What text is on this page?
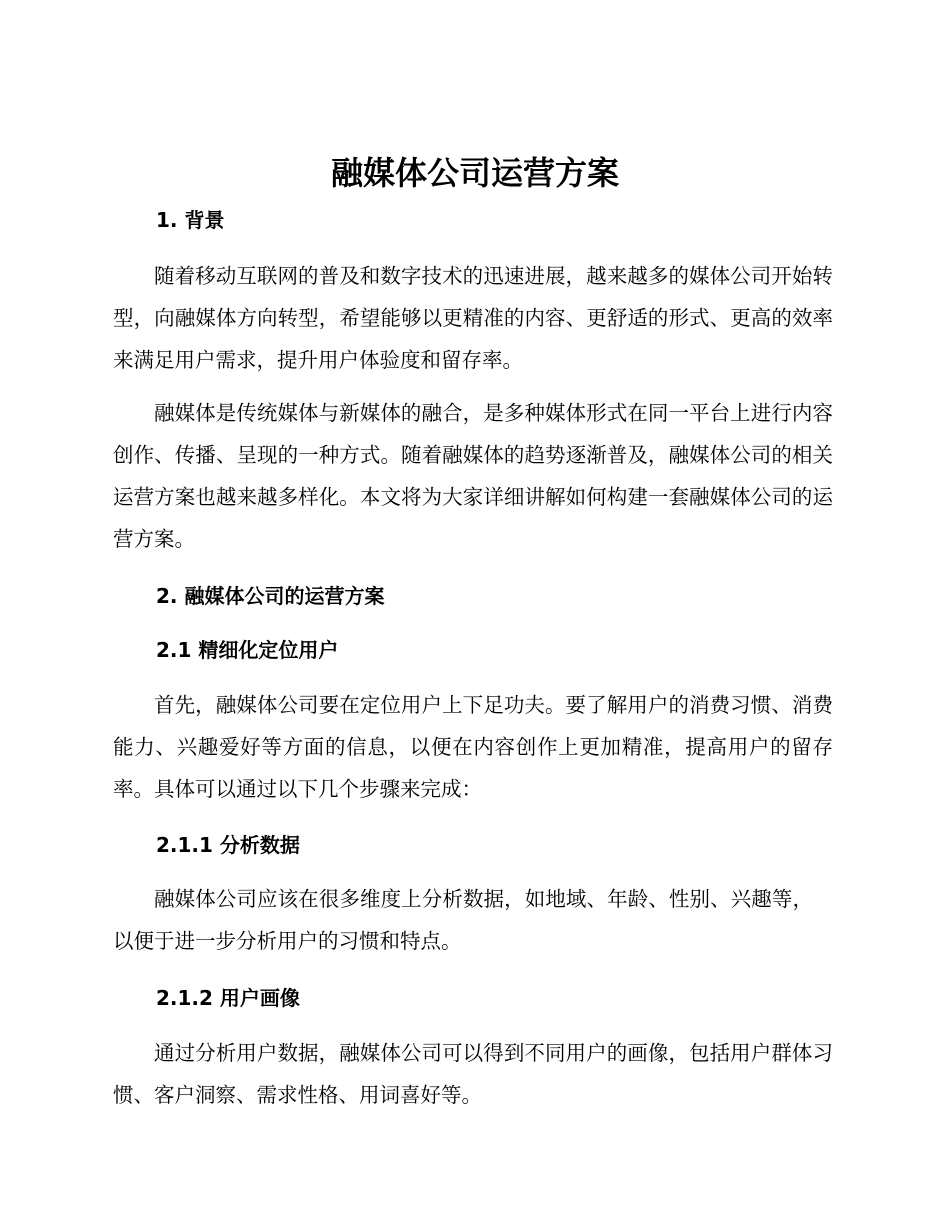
融媒体公司运营方案
1. 背景

随着移动互联网的普及和数字技术的迅速进展，越来越多的媒体公司开始转型，向融媒体方向转型，希望能够以更精准的内容、更舒适的形式、更高的效率来满足用户需求，提升用户体验度和留存率。

融媒体是传统媒体与新媒体的融合，是多种媒体形式在同一平台上进行内容创作、传播、呈现的一种方式。随着融媒体的趋势逐渐普及，融媒体公司的相关运营方案也越来越多样化。本文将为大家详细讲解如何构建一套融媒体公司的运营方案。

2. 融媒体公司的运营方案
2.1 精细化定位用户

首先，融媒体公司要在定位用户上下足功夫。要了解用户的消费习惯、消费能力、兴趣爱好等方面的信息，以便在内容创作上更加精准，提高用户的留存率。具体可以通过以下几个步骤来完成：

2.1.1 分析数据

融媒体公司应该在很多维度上分析数据，如地域、年龄、性别、兴趣等，以便于进一步分析用户的习惯和特点。

2.1.2 用户画像

通过分析用户数据，融媒体公司可以得到不同用户的画像，包括用户群体习惯、客户洞察、需求性格、用词喜好等。
